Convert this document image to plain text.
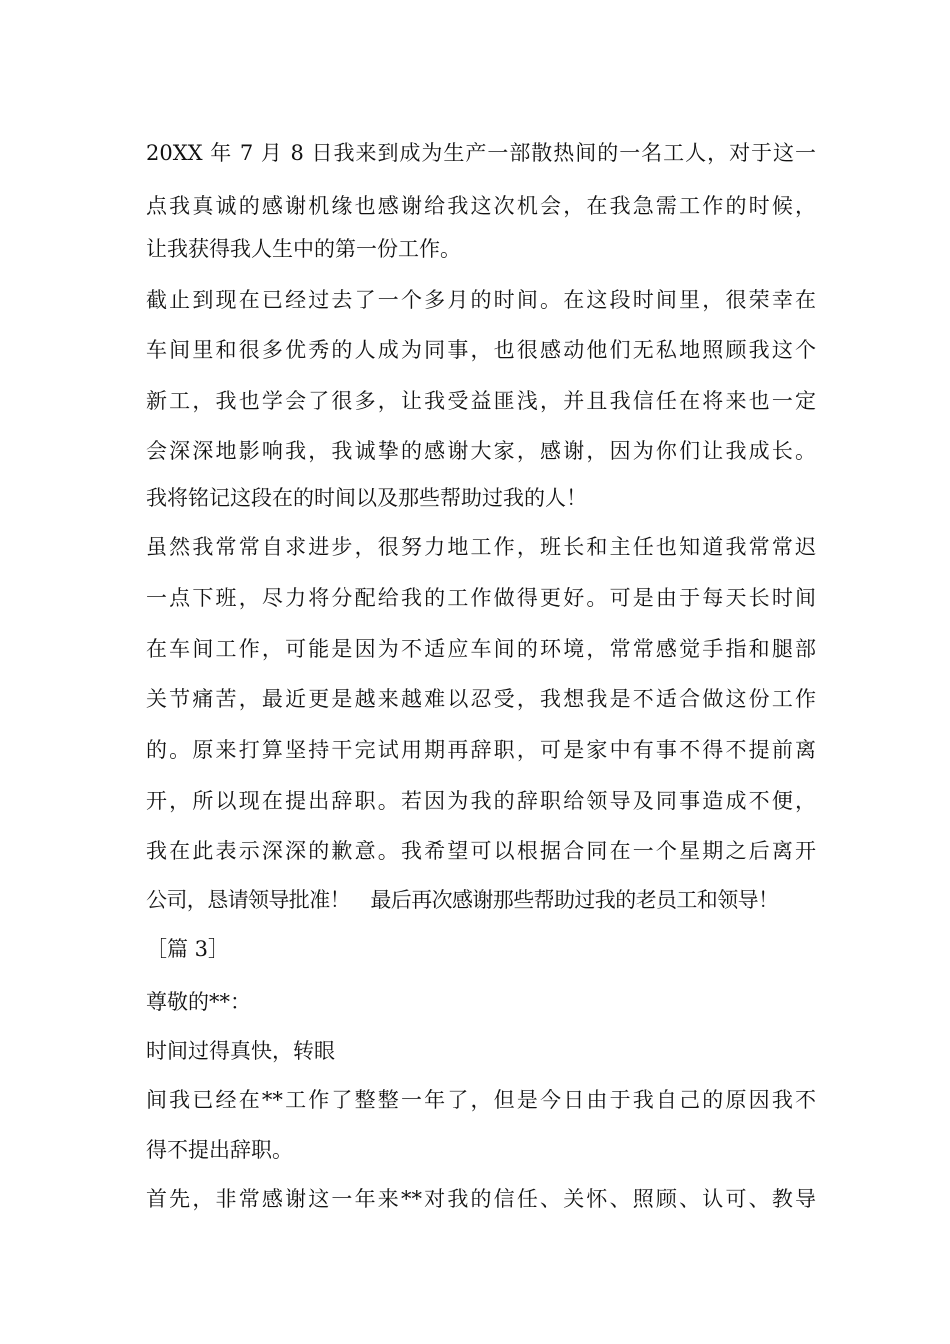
20XX 年 7 月 8 日我来到成为生产一部散热间的一名工人，对于这一
点我真诚的感谢机缘也感谢给我这次机会，在我急需工作的时候，
让我获得我人生中的第一份工作。
截止到现在已经过去了一个多月的时间。在这段时间里，很荣幸在
车间里和很多优秀的人成为同事，也很感动他们无私地照顾我这个
新工，我也学会了很多，让我受益匪浅，并且我信任在将来也一定
会深深地影响我，我诚挚的感谢大家，感谢，因为你们让我成长。
我将铭记这段在的时间以及那些帮助过我的人！
虽然我常常自求进步，很努力地工作，班长和主任也知道我常常迟
一点下班，尽力将分配给我的工作做得更好。可是由于每天长时间
在车间工作，可能是因为不适应车间的环境，常常感觉手指和腿部
关节痛苦，最近更是越来越难以忍受，我想我是不适合做这份工作
的。原来打算坚持干完试用期再辞职，可是家中有事不得不提前离
开，所以现在提出辞职。若因为我的辞职给领导及同事造成不便，
我在此表示深深的歉意。我希望可以根据合同在一个星期之后离开
公司，恳请领导批准！　最后再次感谢那些帮助过我的老员工和领导！
［篇 3］
尊敬的**：
时间过得真快，转眼
间我已经在**工作了整整一年了，但是今日由于我自己的原因我不
得不提出辞职。
首先，非常感谢这一年来**对我的信任、关怀、照顾、认可、教导
